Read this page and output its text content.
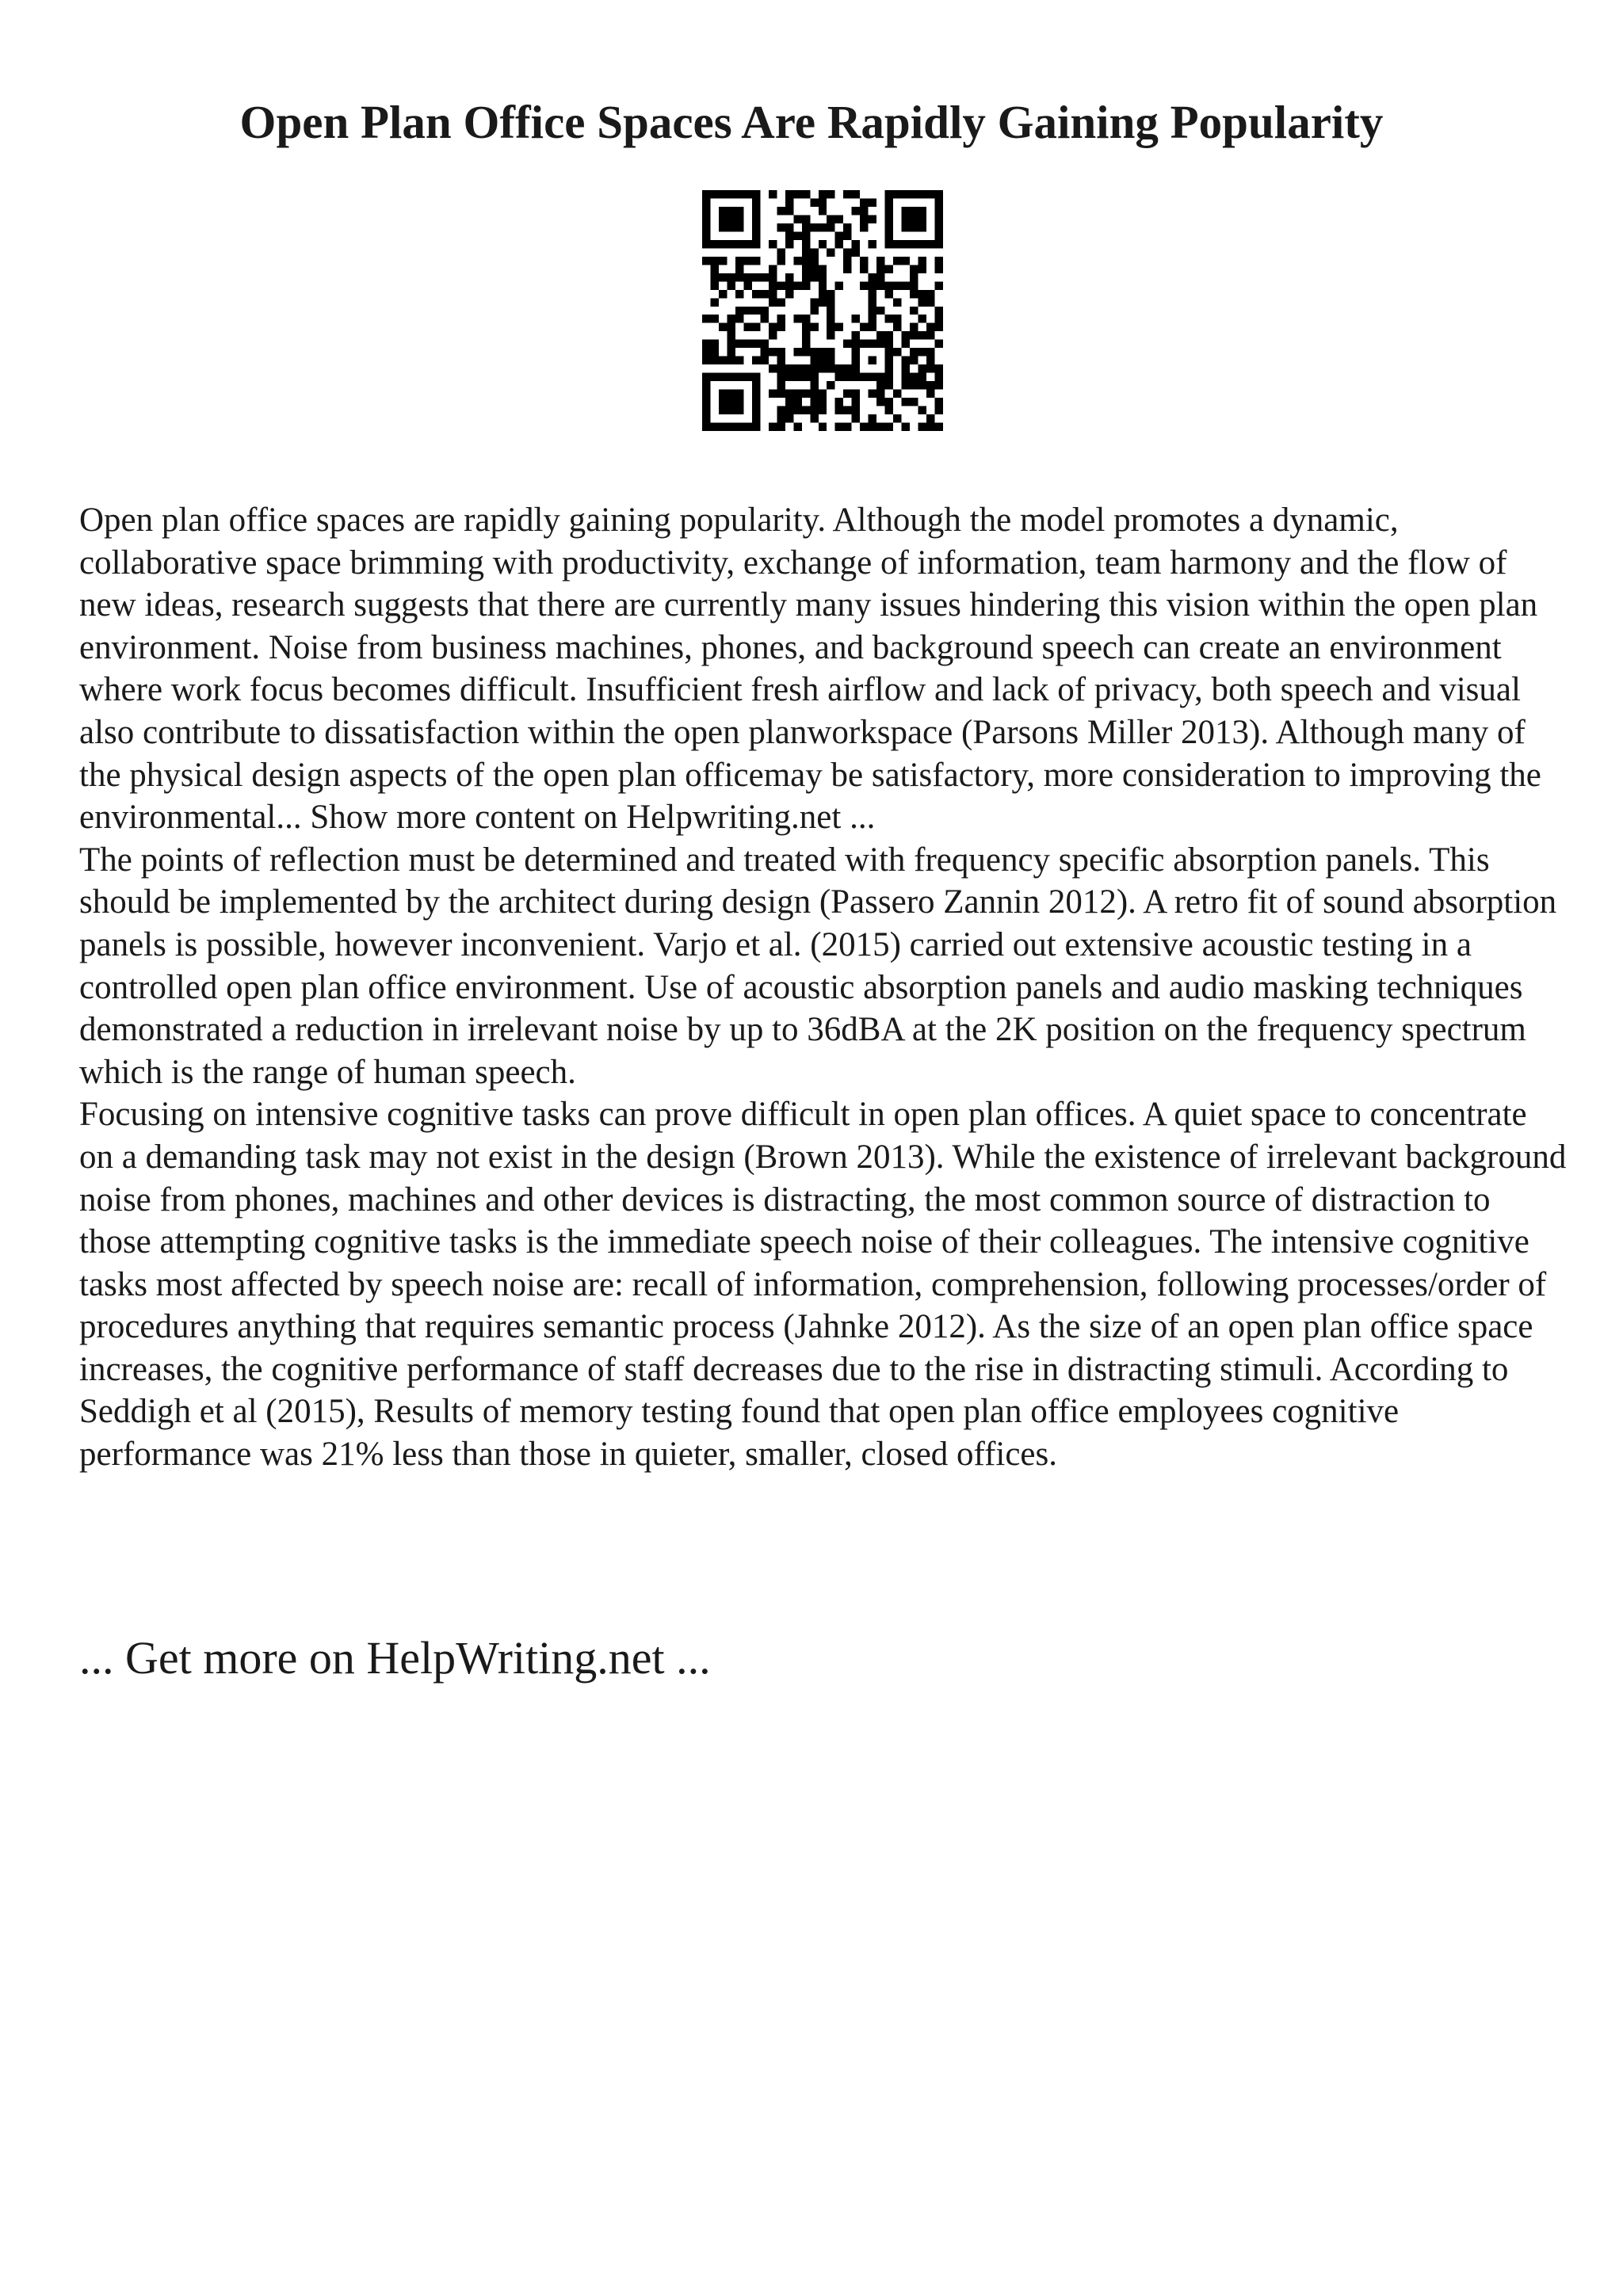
Open Plan Office Spaces Are Rapidly Gaining Popularity

Open plan office spaces are rapidly gaining popularity. Although the model promotes a dynamic, collaborative space brimming with productivity, exchange of information, team harmony and the flow of new ideas, research suggests that there are currently many issues hindering this vision within the open plan environment. Noise from business machines, phones, and background speech can create an environment where work focus becomes difficult. Insufficient fresh airflow and lack of privacy, both speech and visual also contribute to dissatisfaction within the open planworkspace (Parsons Miller 2013). Although many of the physical design aspects of the open plan officemay be satisfactory, more consideration to improving the environmental... Show more content on Helpwriting.net ...

The points of reflection must be determined and treated with frequency specific absorption panels. This should be implemented by the architect during design (Passero Zannin 2012). A retro fit of sound absorption panels is possible, however inconvenient. Varjo et al. (2015) carried out extensive acoustic testing in a controlled open plan office environment. Use of acoustic absorption panels and audio masking techniques demonstrated a reduction in irrelevant noise by up to 36dBA at the 2K position on the frequency spectrum which is the range of human speech.

Focusing on intensive cognitive tasks can prove difficult in open plan offices. A quiet space to concentrate on a demanding task may not exist in the design (Brown 2013). While the existence of irrelevant background noise from phones, machines and other devices is distracting, the most common source of distraction to those attempting cognitive tasks is the immediate speech noise of their colleagues. The intensive cognitive tasks most affected by speech noise are: recall of information, comprehension, following processes/order of procedures anything that requires semantic process (Jahnke 2012). As the size of an open plan office space increases, the cognitive performance of staff decreases due to the rise in distracting stimuli. According to Seddigh et al (2015), Results of memory testing found that open plan office employees cognitive performance was 21% less than those in quieter, smaller, closed offices.

... Get more on HelpWriting.net ...
